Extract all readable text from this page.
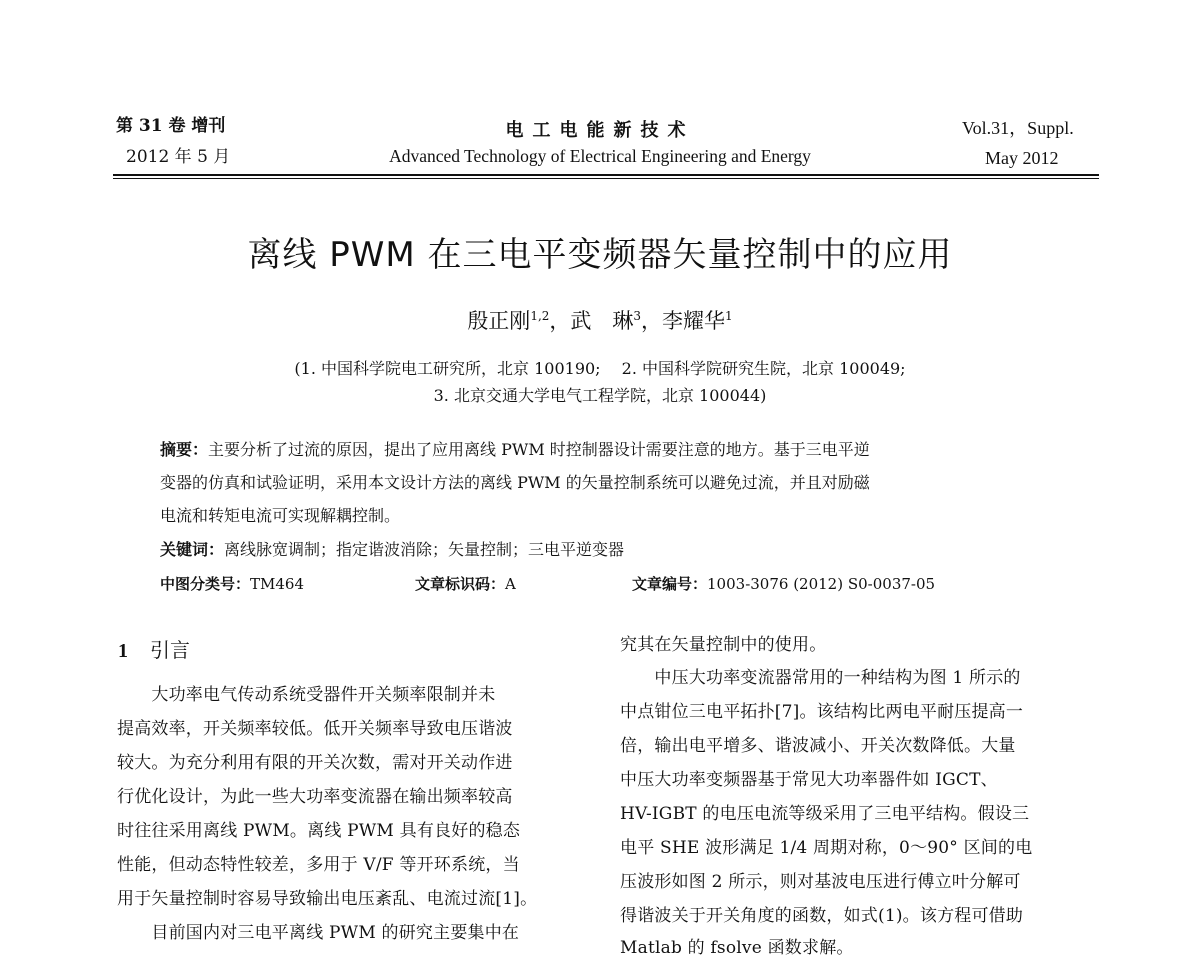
第 31 卷 增刊
2012 年 5 月
电工电能新技术
Advanced Technology of Electrical Engineering and Energy
Vol.31，Suppl.
May 2012
离线 PWM 在三电平变频器矢量控制中的应用
殷正刚$^{1,2}$，武　琳$^3$，李耀华$^1$
(1. 中国科学院电工研究所，北京 100190;　 2. 中国科学院研究生院，北京 100049;
3. 北京交通大学电气工程学院，北京 100044)
摘要：主要分析了过流的原因，提出了应用离线 PWM 时控制器设计需要注意的地方。基于三电平逆
变器的仿真和试验证明，采用本文设计方法的离线 PWM 的矢量控制系统可以避免过流，并且对励磁
电流和转矩电流可实现解耦控制。
关键词：离线脉宽调制；指定谐波消除；矢量控制；三电平逆变器
中图分类号：TM464	文章标识码：A	文章编号：1003-3076 (2012) S0-0037-05
1 引言
　　大功率电气传动系统受器件开关频率限制并未
提高效率，开关频率较低。低开关频率导致电压谐波
较大。为充分利用有限的开关次数，需对开关动作进
行优化设计，为此一些大功率变流器在输出频率较高
时往往采用离线 PWM。离线 PWM 具有良好的稳态
性能，但动态特性较差，多用于 V/F 等开环系统，当
用于矢量控制时容易导致输出电压紊乱、电流过流[1]。
　　目前国内对三电平离线 PWM 的研究主要集中在
究其在矢量控制中的使用。
　　中压大功率变流器常用的一种结构为图 1 所示的
中点钳位三电平拓扑[7]。该结构比两电平耐压提高一
倍，输出电平增多、谐波减小、开关次数降低。大量
中压大功率变频器基于常见大功率器件如 IGCT、
HV-IGBT 的电压电流等级采用了三电平结构。假设三
电平 SHE 波形满足 1/4 周期对称，0～90° 区间的电
压波形如图 2 所示，则对基波电压进行傅立叶分解可
得谐波关于开关角度的函数，如式(1)。该方程可借助
Matlab 的 fsolve 函数求解。
